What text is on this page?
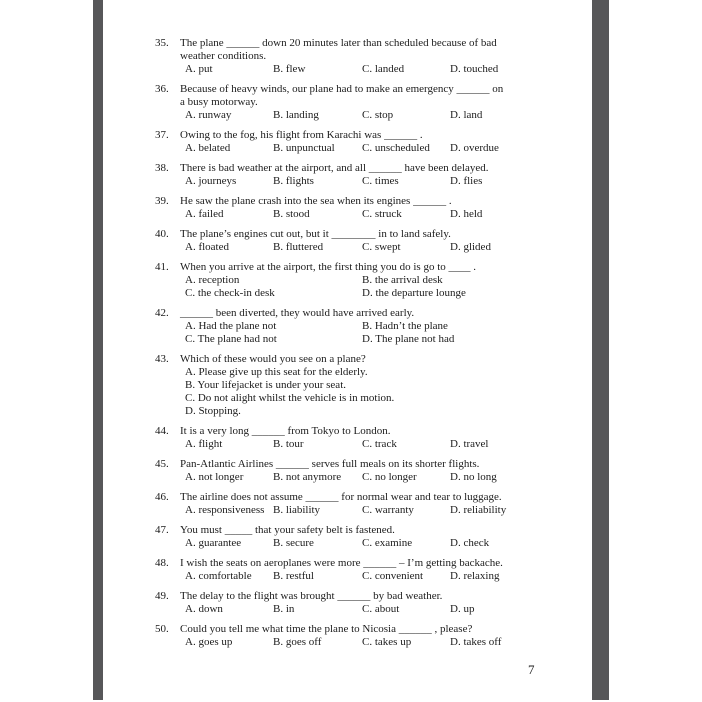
35.	The plane ______ down 20 minutes later than scheduled because of bad
weather conditions.
A. put	B. flew	C. landed	D. touched
36.	Because of heavy winds, our plane had to make an emergency ______ on
a busy motorway.
A. runway	B. landing	C. stop	D. land
37.	Owing to the fog, his flight from Karachi was ______ .
A. belated	B. unpunctual	C. unscheduled	D. overdue
38.	There is bad weather at the airport, and all ______ have been delayed.
A. journeys	B. flights	C. times	D. flies
39.	He saw the plane crash into the sea when its engines ______ .
A. failed	B. stood	C. struck	D. held
40.	The plane’s engines cut out, but it ________ in to land safely.
A. floated	B. fluttered	C. swept	D. glided
41.	When you arrive at the airport, the first thing you do is go to ____ .
A. reception	B. the arrival desk
C. the check-in desk	D. the departure lounge
42.	______ been diverted, they would have arrived early.
A. Had the plane not	B. Hadn’t the plane
C. The plane had not	D. The plane not had
43.	Which of these would you see on a plane?
A. Please give up this seat for the elderly.
B. Your lifejacket is under your seat.
C. Do not alight whilst the vehicle is in motion.
D. Stopping.
44.	It is a very long ______ from Tokyo to London.
A. flight	B. tour	C. track	D. travel
45.	Pan-Atlantic Airlines ______ serves full meals on its shorter flights.
A. not longer	B. not anymore	C. no longer	D. no long
46.	The airline does not assume ______ for normal wear and tear to luggage.
A. responsiveness B. liability	C. warranty	D. reliability
47.	You must _____ that your safety belt is fastened.
A. guarantee	B. secure	C. examine	D. check
48.	I wish the seats on aeroplanes were more ______ – I’m getting backache.
A. comfortable	B. restful	C. convenient	D. relaxing
49.	The delay to the flight was brought ______ by bad weather.
A. down	B. in	C. about	D. up
50.	Could you tell me what time the plane to Nicosia ______ , please?
A. goes up	B. goes off	C. takes up	D. takes off
7
